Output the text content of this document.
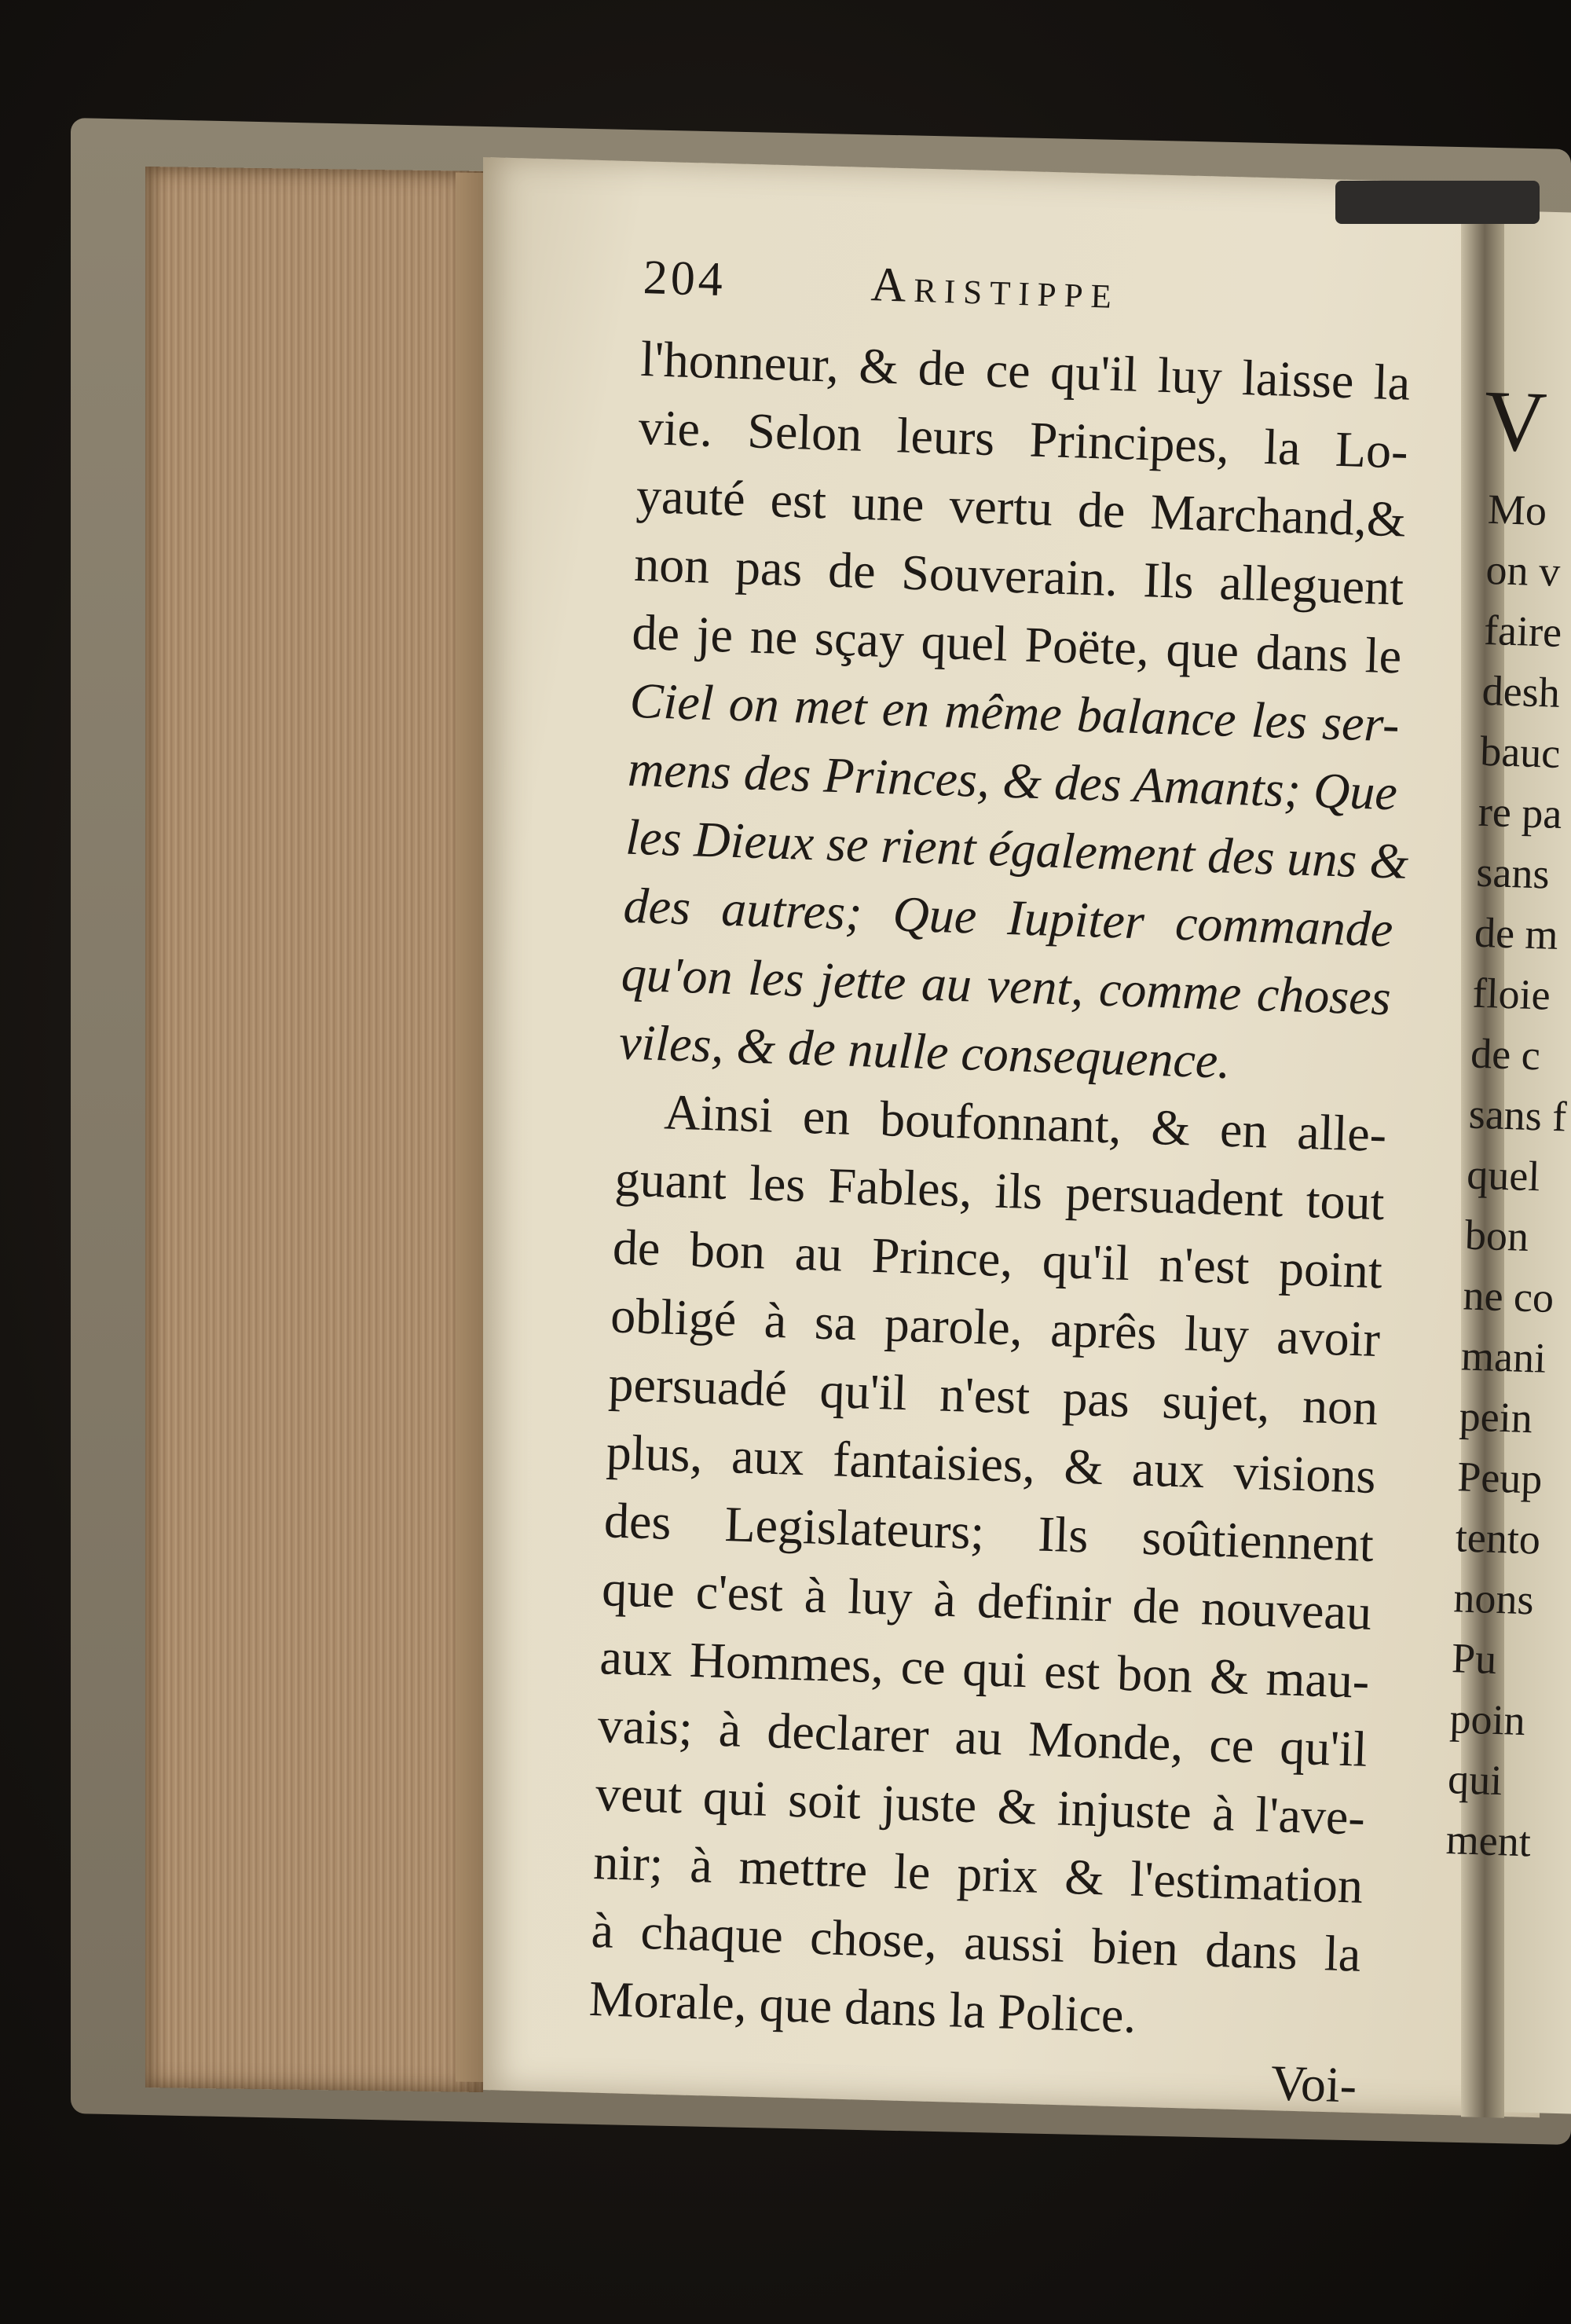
204	Aristippe
l'honneur, & de ce qu'il luy laisse la
vie. Selon leurs Principes, la Lo-
yauté est une vertu de Marchand,&
non pas de Souverain. Ils alleguent
de je ne sçay quel Poëte, que dans le
Ciel on met en même balance les ser-
mens des Princes, & des Amants; Que
les Dieux se rient également des uns &
des autres; Que Iupiter commande
qu'on les jette au vent, comme choses
viles, & de nulle consequence.
Ainsi en boufonnant, & en alle-
guant les Fables, ils persuadent tout
de bon au Prince, qu'il n'est point
obligé à sa parole, aprês luy avoir
persuadé qu'il n'est pas sujet, non
plus, aux fantaisies, & aux visions
des Legislateurs; Ils soûtiennent
que c'est à luy à definir de nouveau
aux Hommes, ce qui est bon & mau-
vais; à declarer au Monde, ce qu'il
veut qui soit juste & injuste à l'ave-
nir; à mettre le prix & l'estimation
à chaque chose, aussi bien dans la
Morale, que dans la Police.
Voi-
V
Mo
on v
faire
desh
bauc
re pa
sans
de m
floie
de c
sans f
quel
bon
ne co
mani
pein
Peup
tento
nons
Pu
poin
qui
ment
